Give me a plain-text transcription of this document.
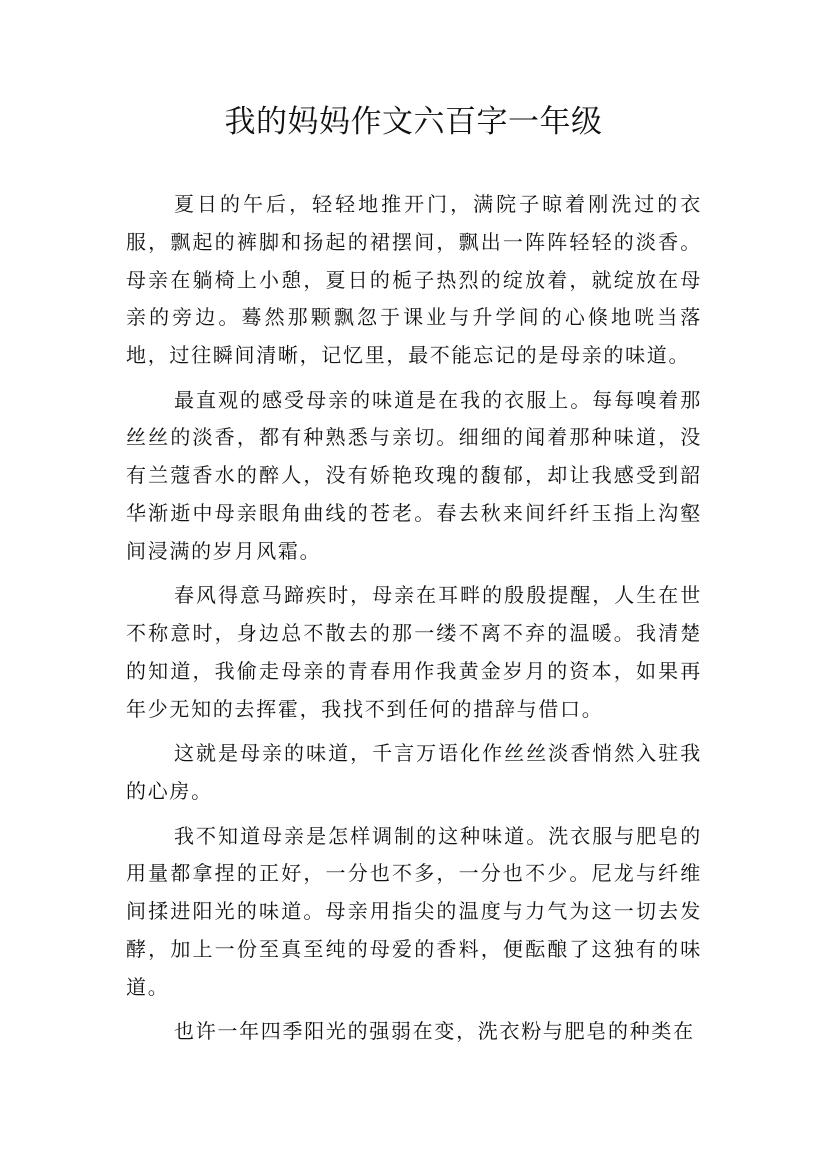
我的妈妈作文六百字一年级

夏日的午后，轻轻地推开门，满院子晾着刚洗过的衣服，飘起的裤脚和扬起的裙摆间，飘出一阵阵轻轻的淡香。母亲在躺椅上小憩，夏日的栀子热烈的绽放着，就绽放在母亲的旁边。蓦然那颗飘忽于课业与升学间的心倏地咣当落地，过往瞬间清晰，记忆里，最不能忘记的是母亲的味道。

最直观的感受母亲的味道是在我的衣服上。每每嗅着那丝丝的淡香，都有种熟悉与亲切。细细的闻着那种味道，没有兰蔻香水的醉人，没有娇艳玫瑰的馥郁，却让我感受到韶华渐逝中母亲眼角曲线的苍老。春去秋来间纤纤玉指上沟壑间浸满的岁月风霜。

春风得意马蹄疾时，母亲在耳畔的殷殷提醒，人生在世不称意时，身边总不散去的那一缕不离不弃的温暖。我清楚的知道，我偷走母亲的青春用作我黄金岁月的资本，如果再年少无知的去挥霍，我找不到任何的措辞与借口。

这就是母亲的味道，千言万语化作丝丝淡香悄然入驻我的心房。

我不知道母亲是怎样调制的这种味道。洗衣服与肥皂的用量都拿捏的正好，一分也不多，一分也不少。尼龙与纤维间揉进阳光的味道。母亲用指尖的温度与力气为这一切去发酵，加上一份至真至纯的母爱的香料，便酝酿了这独有的味道。

也许一年四季阳光的强弱在变，洗衣粉与肥皂的种类在
